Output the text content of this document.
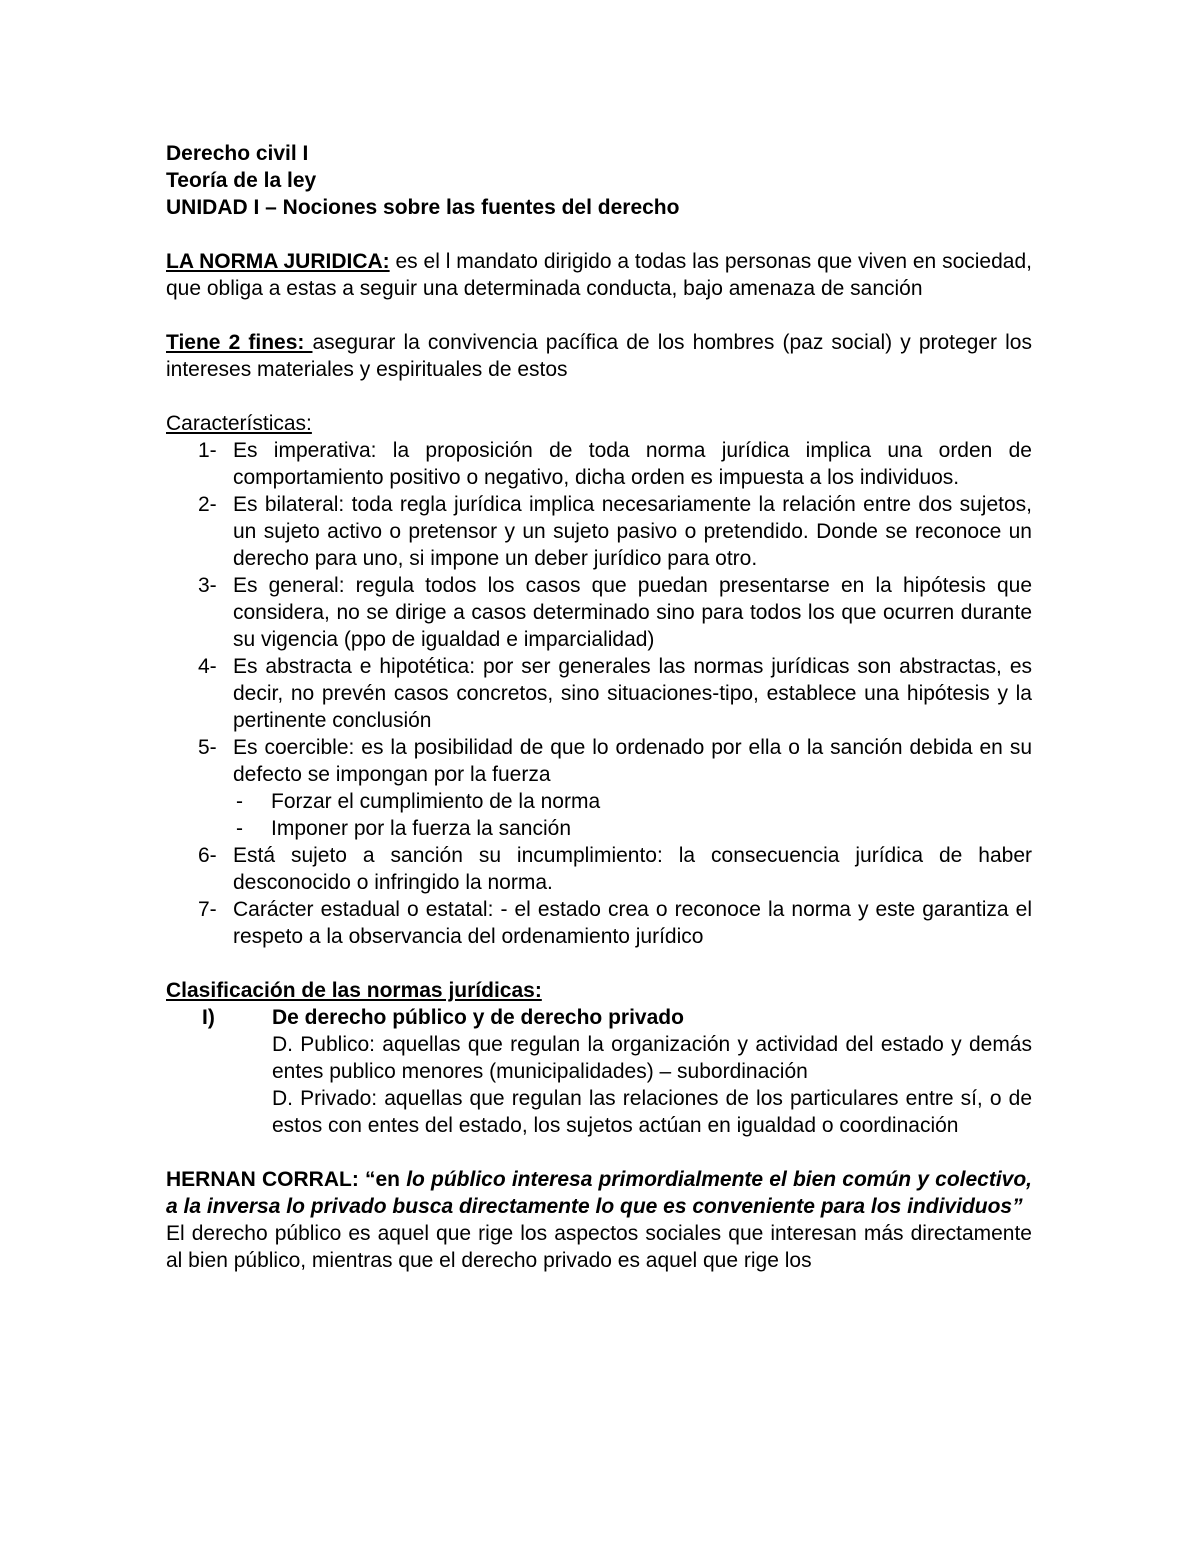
Derecho civil I
Teoría de la ley
UNIDAD I – Nociones sobre las fuentes del derecho
LA NORMA JURIDICA: es el l mandato dirigido a todas las personas que viven en sociedad, que obliga a estas a seguir una determinada conducta, bajo amenaza de sanción
Tiene 2 fines: asegurar la convivencia pacífica de los hombres (paz social) y proteger los intereses materiales y espirituales de estos
Características:
1- Es imperativa: la proposición de toda norma jurídica implica una orden de comportamiento positivo o negativo, dicha orden es impuesta a los individuos.
2- Es bilateral: toda regla jurídica implica necesariamente la relación entre dos sujetos, un sujeto activo o pretensor y un sujeto pasivo o pretendido. Donde se reconoce un derecho para uno, si impone un deber jurídico para otro.
3- Es general: regula todos los casos que puedan presentarse en la hipótesis que considera, no se dirige a casos determinado sino para todos los que ocurren durante su vigencia (ppo de igualdad e imparcialidad)
4- Es abstracta e hipotética: por ser generales las normas jurídicas son abstractas, es decir, no prevén casos concretos, sino situaciones-tipo, establece una hipótesis y la pertinente conclusión
5- Es coercible: es la posibilidad de que lo ordenado por ella o la sanción debida en su defecto se impongan por la fuerza
-	Forzar el cumplimiento de la norma
-	Imponer por la fuerza la sanción
6- Está sujeto a sanción su incumplimiento: la consecuencia jurídica de haber desconocido o infringido la norma.
7- Carácter estadual o estatal: - el estado crea o reconoce la norma y este garantiza el respeto a la observancia del ordenamiento jurídico
Clasificación de las normas jurídicas:
I)	De derecho público y de derecho privado
D. Publico: aquellas que regulan la organización y actividad del estado y demás entes publico menores (municipalidades) – subordinación
D. Privado: aquellas que regulan las relaciones de los particulares entre sí, o de estos con entes del estado, los sujetos actúan en igualdad o coordinación
HERNAN CORRAL: “en lo público interesa primordialmente el bien común y colectivo, a la inversa lo privado busca directamente lo que es conveniente para los individuos”
El derecho público es aquel que rige los aspectos sociales que interesan más directamente al bien público, mientras que el derecho privado es aquel que rige los
